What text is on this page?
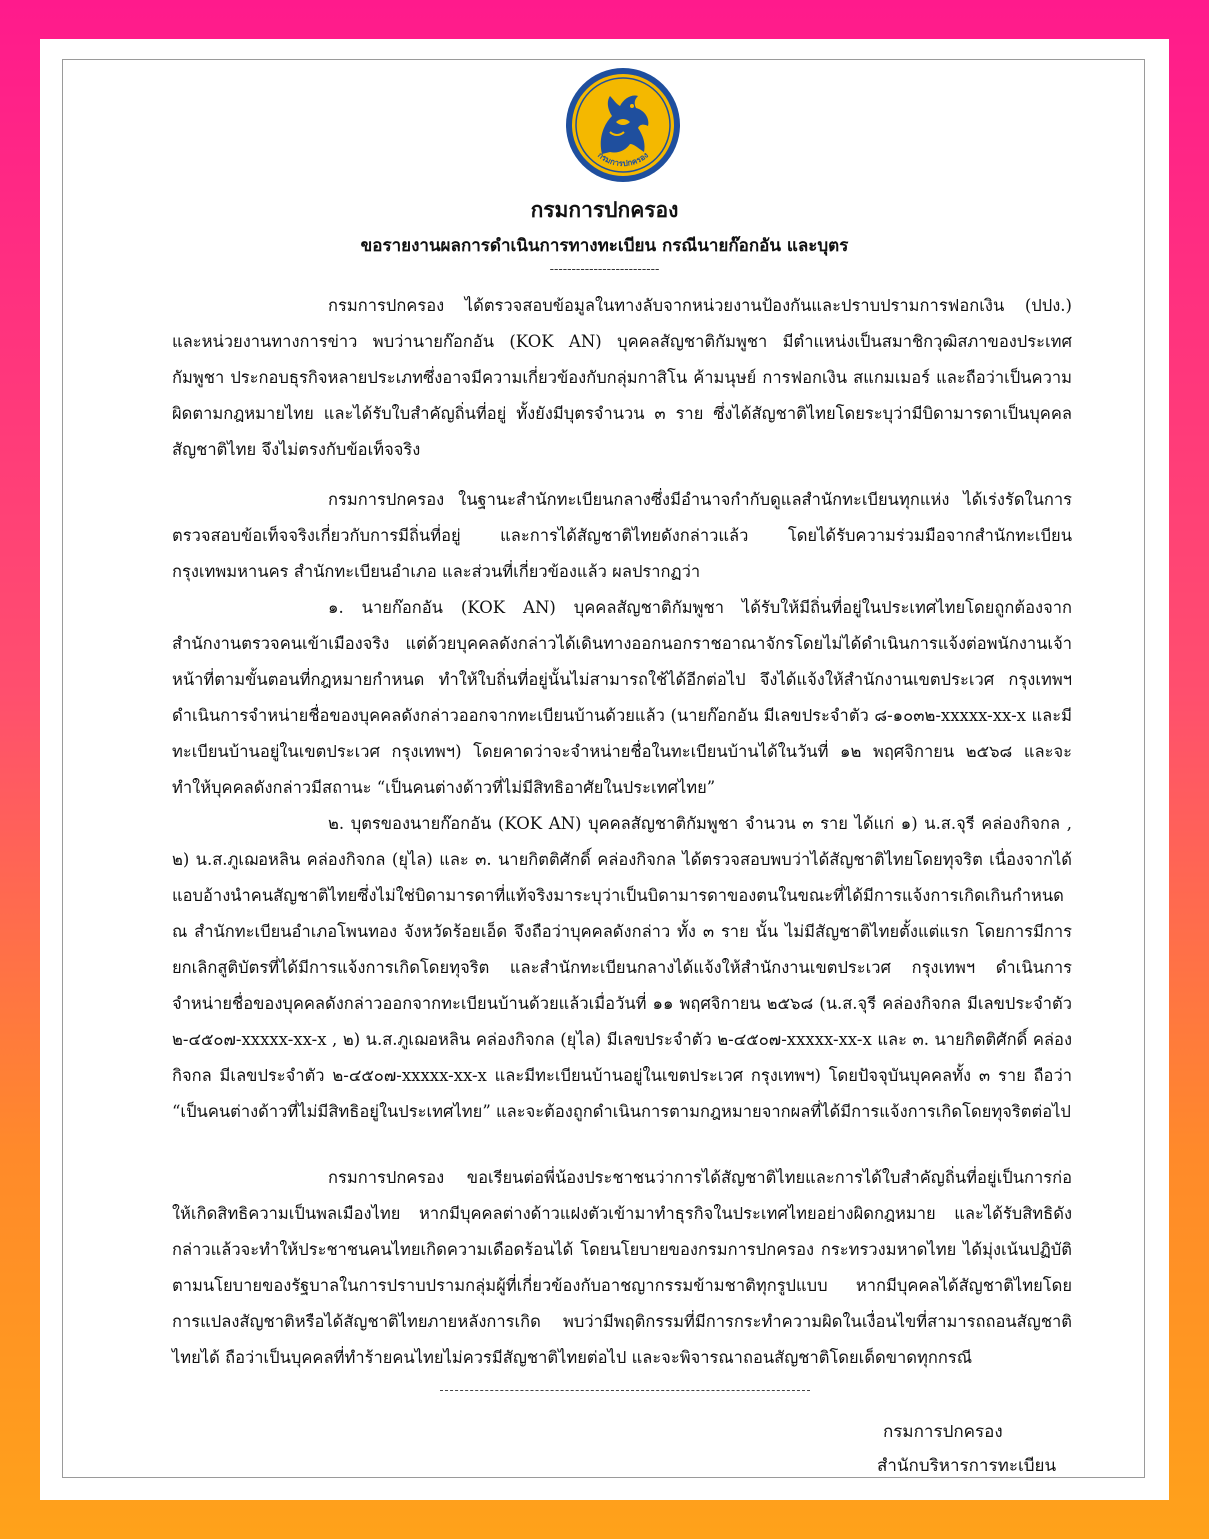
กรมการปกครอง
กรมการปกครอง
ขอรายงานผลการดำเนินการทางทะเบียน กรณีนายก๊อกอัน และบุตร
-------------------------

กรมการปกครอง ได้ตรวจสอบข้อมูลในทางลับจากหน่วยงานป้องกันและปราบปรามการฟอกเงิน (ปปง.) และหน่วยงานทางการข่าว พบว่านายก๊อกอัน (KOK AN) บุคคลสัญชาติกัมพูชา มีตำแหน่งเป็นสมาชิกวุฒิสภาของประเทศกัมพูชา ประกอบธุรกิจหลายประเภทซึ่งอาจมีความเกี่ยวข้องกับกลุ่มกาสิโน ค้ามนุษย์ การฟอกเงิน สแกมเมอร์ และถือว่าเป็นความผิดตามกฎหมายไทย และได้รับใบสำคัญถิ่นที่อยู่ ทั้งยังมีบุตรจำนวน ๓ ราย ซึ่งได้สัญชาติไทยโดยระบุว่ามีบิดามารดาเป็นบุคคลสัญชาติไทย จึงไม่ตรงกับข้อเท็จจริง

กรมการปกครอง ในฐานะสำนักทะเบียนกลางซึ่งมีอำนาจกำกับดูแลสำนักทะเบียนทุกแห่ง ได้เร่งรัดในการตรวจสอบข้อเท็จจริงเกี่ยวกับการมีถิ่นที่อยู่ และการได้สัญชาติไทยดังกล่าวแล้ว โดยได้รับความร่วมมือจากสำนักทะเบียนกรุงเทพมหานคร สำนักทะเบียนอำเภอ และส่วนที่เกี่ยวข้องแล้ว ผลปรากฏว่า

๑. นายก๊อกอัน (KOK AN) บุคคลสัญชาติกัมพูชา ได้รับให้มีถิ่นที่อยู่ในประเทศไทยโดยถูกต้องจากสำนักงานตรวจคนเข้าเมืองจริง แต่ด้วยบุคคลดังกล่าวได้เดินทางออกนอกราชอาณาจักรโดยไม่ได้ดำเนินการแจ้งต่อพนักงานเจ้าหน้าที่ตามขั้นตอนที่กฎหมายกำหนด ทำให้ใบถิ่นที่อยู่นั้นไม่สามารถใช้ได้อีกต่อไป จึงได้แจ้งให้สำนักงานเขตประเวศ กรุงเทพฯ ดำเนินการจำหน่ายชื่อของบุคคลดังกล่าวออกจากทะเบียนบ้านด้วยแล้ว (นายก๊อกอัน มีเลขประจำตัว ๘-๑๐๓๒-xxxxx-xx-x และมีทะเบียนบ้านอยู่ในเขตประเวศ กรุงเทพฯ) โดยคาดว่าจะจำหน่ายชื่อในทะเบียนบ้านได้ในวันที่ ๑๒ พฤศจิกายน ๒๕๖๘ และจะทำให้บุคคลดังกล่าวมีสถานะ “เป็นคนต่างด้าวที่ไม่มีสิทธิอาศัยในประเทศไทย”

๒. บุตรของนายก๊อกอัน (KOK AN) บุคคลสัญชาติกัมพูชา จำนวน ๓ ราย ได้แก่ ๑) น.ส.จุรี คล่องกิจกล , ๒) น.ส.ภูเฌอหลิน คล่องกิจกล (ยุไล) และ ๓. นายกิตติศักดิ์ คล่องกิจกล ได้ตรวจสอบพบว่าได้สัญชาติไทยโดยทุจริต เนื่องจากได้แอบอ้างนำคนสัญชาติไทยซึ่งไม่ใช่บิดามารดาที่แท้จริงมาระบุว่าเป็นบิดามารดาของตนในขณะที่ได้มีการแจ้งการเกิดเกินกำหนด ณ สำนักทะเบียนอำเภอโพนทอง จังหวัดร้อยเอ็ด จึงถือว่าบุคคลดังกล่าว ทั้ง ๓ ราย นั้น ไม่มีสัญชาติไทยตั้งแต่แรก โดยการมีการยกเลิกสูติบัตรที่ได้มีการแจ้งการเกิดโดยทุจริต และสำนักทะเบียนกลางได้แจ้งให้สำนักงานเขตประเวศ กรุงเทพฯ ดำเนินการจำหน่ายชื่อของบุคคลดังกล่าวออกจากทะเบียนบ้านด้วยแล้วเมื่อวันที่ ๑๑ พฤศจิกายน ๒๕๖๘ (น.ส.จุรี คล่องกิจกล มีเลขประจำตัว ๒-๔๕๐๗-xxxxx-xx-x , ๒) น.ส.ภูเฌอหลิน คล่องกิจกล (ยุไล) มีเลขประจำตัว ๒-๔๕๐๗-xxxxx-xx-x และ ๓. นายกิตติศักดิ์ คล่องกิจกล มีเลขประจำตัว ๒-๔๕๐๗-xxxxx-xx-x และมีทะเบียนบ้านอยู่ในเขตประเวศ กรุงเทพฯ) โดยปัจจุบันบุคคลทั้ง ๓ ราย ถือว่า “เป็นคนต่างด้าวที่ไม่มีสิทธิอยู่ในประเทศไทย” และจะต้องถูกดำเนินการตามกฎหมายจากผลที่ได้มีการแจ้งการเกิดโดยทุจริตต่อไป

กรมการปกครอง ขอเรียนต่อพี่น้องประชาชนว่าการได้สัญชาติไทยและการได้ใบสำคัญถิ่นที่อยู่เป็นการก่อให้เกิดสิทธิความเป็นพลเมืองไทย หากมีบุคคลต่างด้าวแฝงตัวเข้ามาทำธุรกิจในประเทศไทยอย่างผิดกฎหมาย และได้รับสิทธิดังกล่าวแล้วจะทำให้ประชาชนคนไทยเกิดความเดือดร้อนได้ โดยนโยบายของกรมการปกครอง กระทรวงมหาดไทย ได้มุ่งเน้นปฏิบัติตามนโยบายของรัฐบาลในการปราบปรามกลุ่มผู้ที่เกี่ยวข้องกับอาชญากรรมข้ามชาติทุกรูปแบบ หากมีบุคคลได้สัญชาติไทยโดยการแปลงสัญชาติหรือได้สัญชาติไทยภายหลังการเกิด พบว่ามีพฤติกรรมที่มีการกระทำความผิดในเงื่อนไขที่สามารถถอนสัญชาติไทยได้ ถือว่าเป็นบุคคลที่ทำร้ายคนไทยไม่ควรมีสัญชาติไทยต่อไป และจะพิจารณาถอนสัญชาติโดยเด็ดขาดทุกกรณี

กรมการปกครอง
สำนักบริหารการทะเบียน
